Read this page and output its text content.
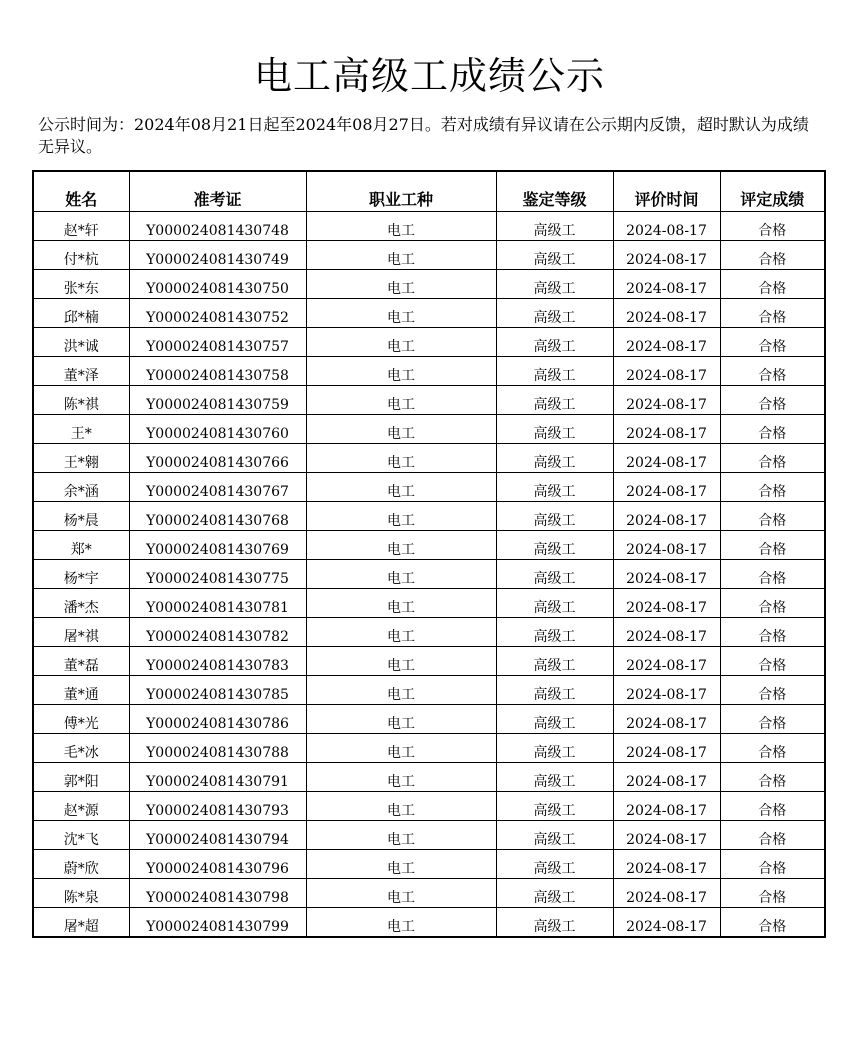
电工高级工成绩公示
公示时间为：2024年08月21日起至2024年08月27日。若对成绩有异议请在公示期内反馈，超时默认为成绩无异议。
姓名	准考证	职业工种	鉴定等级	评价时间	评定成绩
赵*轩	Y000024081430748	电工	高级工	2024-08-17	合格
付*杭	Y000024081430749	电工	高级工	2024-08-17	合格
张*东	Y000024081430750	电工	高级工	2024-08-17	合格
邱*楠	Y000024081430752	电工	高级工	2024-08-17	合格
洪*诚	Y000024081430757	电工	高级工	2024-08-17	合格
董*泽	Y000024081430758	电工	高级工	2024-08-17	合格
陈*祺	Y000024081430759	电工	高级工	2024-08-17	合格
王*	Y000024081430760	电工	高级工	2024-08-17	合格
王*翱	Y000024081430766	电工	高级工	2024-08-17	合格
余*涵	Y000024081430767	电工	高级工	2024-08-17	合格
杨*晨	Y000024081430768	电工	高级工	2024-08-17	合格
郑*	Y000024081430769	电工	高级工	2024-08-17	合格
杨*宇	Y000024081430775	电工	高级工	2024-08-17	合格
潘*杰	Y000024081430781	电工	高级工	2024-08-17	合格
屠*祺	Y000024081430782	电工	高级工	2024-08-17	合格
董*磊	Y000024081430783	电工	高级工	2024-08-17	合格
董*通	Y000024081430785	电工	高级工	2024-08-17	合格
傅*光	Y000024081430786	电工	高级工	2024-08-17	合格
毛*冰	Y000024081430788	电工	高级工	2024-08-17	合格
郭*阳	Y000024081430791	电工	高级工	2024-08-17	合格
赵*源	Y000024081430793	电工	高级工	2024-08-17	合格
沈*飞	Y000024081430794	电工	高级工	2024-08-17	合格
蔚*欣	Y000024081430796	电工	高级工	2024-08-17	合格
陈*泉	Y000024081430798	电工	高级工	2024-08-17	合格
屠*超	Y000024081430799	电工	高级工	2024-08-17	合格
